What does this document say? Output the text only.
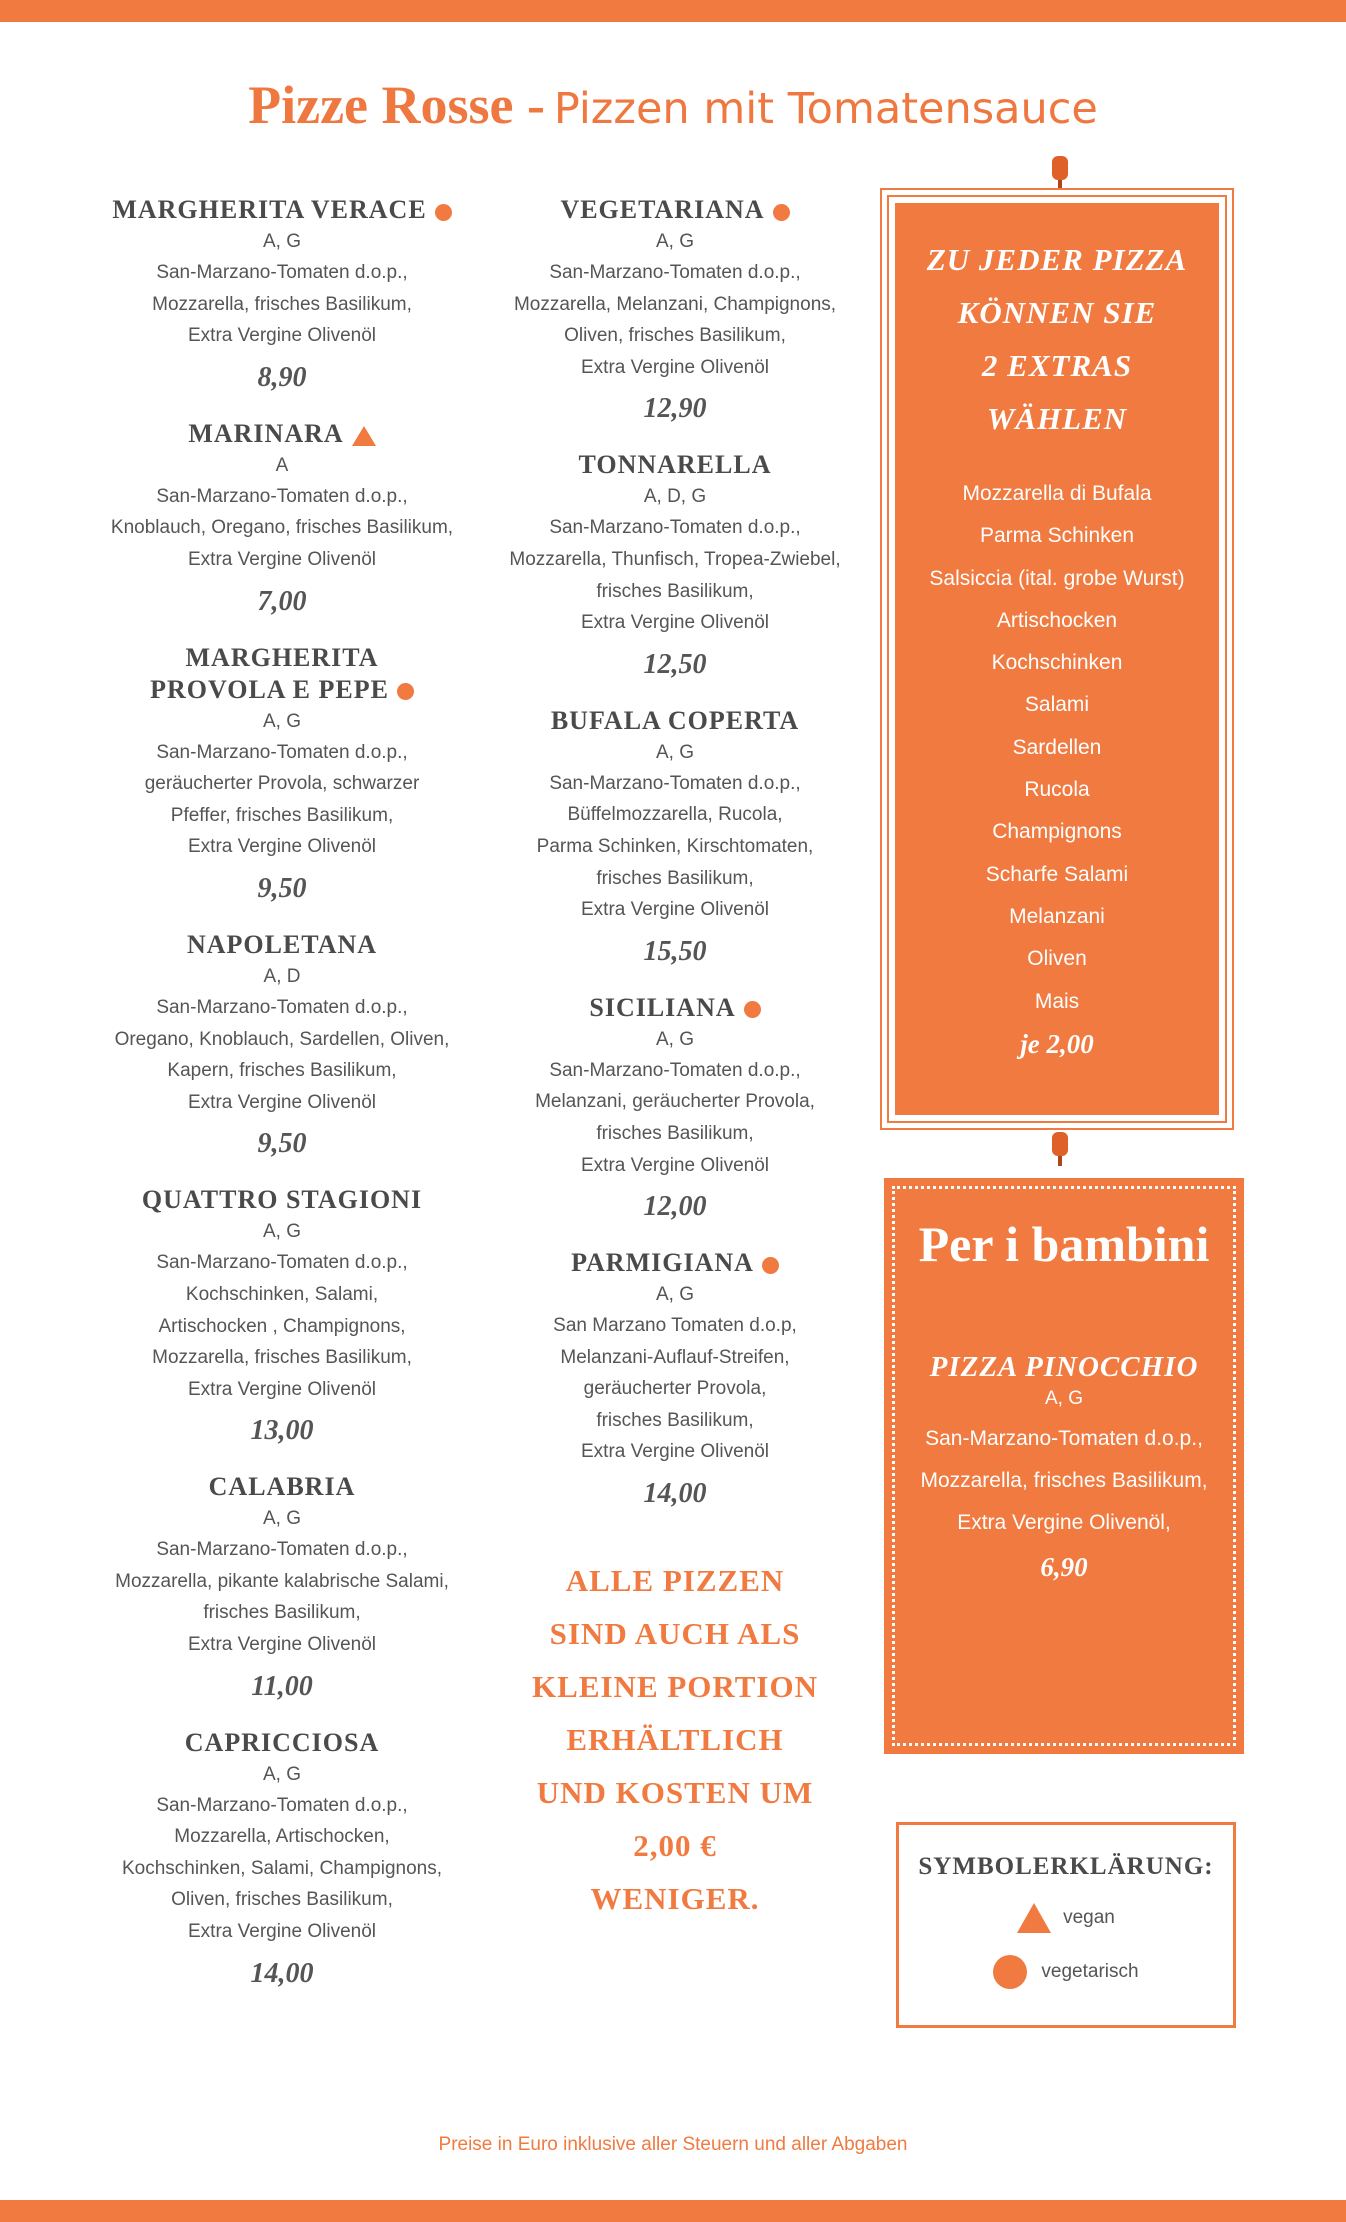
Pizze Rosse - Pizzen mit Tomatensauce
MARGHERITA VERACE
A, G
San-Marzano-Tomaten d.o.p.,
Mozzarella, frisches Basilikum,
Extra Vergine Olivenöl
8,90
MARINARA
A
San-Marzano-Tomaten d.o.p.,
Knoblauch, Oregano, frisches Basilikum,
Extra Vergine Olivenöl
7,00
MARGHERITA
PROVOLA E PEPE
A, G
San-Marzano-Tomaten d.o.p.,
geräucherter Provola, schwarzer
Pfeffer, frisches Basilikum,
Extra Vergine Olivenöl
9,50
NAPOLETANA
A, D
San-Marzano-Tomaten d.o.p.,
Oregano, Knoblauch, Sardellen, Oliven,
Kapern, frisches Basilikum,
Extra Vergine Olivenöl
9,50
QUATTRO STAGIONI
A, G
San-Marzano-Tomaten d.o.p.,
Kochschinken, Salami,
Artischocken , Champignons,
Mozzarella, frisches Basilikum,
Extra Vergine Olivenöl
13,00
CALABRIA
A, G
San-Marzano-Tomaten d.o.p.,
Mozzarella, pikante kalabrische Salami,
frisches Basilikum,
Extra Vergine Olivenöl
11,00
CAPRICCIOSA
A, G
San-Marzano-Tomaten d.o.p.,
Mozzarella, Artischocken,
Kochschinken, Salami, Champignons,
Oliven, frisches Basilikum,
Extra Vergine Olivenöl
14,00
VEGETARIANA
A, G
San-Marzano-Tomaten d.o.p.,
Mozzarella, Melanzani, Champignons,
Oliven, frisches Basilikum,
Extra Vergine Olivenöl
12,90
TONNARELLA
A, D, G
San-Marzano-Tomaten d.o.p.,
Mozzarella, Thunfisch, Tropea-Zwiebel,
frisches Basilikum,
Extra Vergine Olivenöl
12,50
BUFALA COPERTA
A, G
San-Marzano-Tomaten d.o.p.,
Büffelmozzarella, Rucola,
Parma Schinken, Kirschtomaten,
frisches Basilikum,
Extra Vergine Olivenöl
15,50
SICILIANA
A, G
San-Marzano-Tomaten d.o.p.,
Melanzani, geräucherter Provola,
frisches Basilikum,
Extra Vergine Olivenöl
12,00
PARMIGIANA
A, G
San Marzano Tomaten d.o.p,
Melanzani-Auflauf-Streifen,
geräucherter Provola,
frisches Basilikum,
Extra Vergine Olivenöl
14,00
ALLE PIZZEN
SIND AUCH ALS
KLEINE PORTION
ERHÄLTLICH
UND KOSTEN UM
2,00 €
WENIGER.
ZU JEDER PIZZA
KÖNNEN SIE
2 EXTRAS
WÄHLEN
Mozzarella di Bufala
Parma Schinken
Salsiccia (ital. grobe Wurst)
Artischocken
Kochschinken
Salami
Sardellen
Rucola
Champignons
Scharfe Salami
Melanzani
Oliven
Mais
je 2,00
Per i bambini
PIZZA PINOCCHIO
A, G
San-Marzano-Tomaten d.o.p.,
Mozzarella, frisches Basilikum,
Extra Vergine Olivenöl,
6,90
SYMBOLERKLÄRUNG:
vegan
vegetarisch
Preise in Euro inklusive aller Steuern und aller Abgaben
